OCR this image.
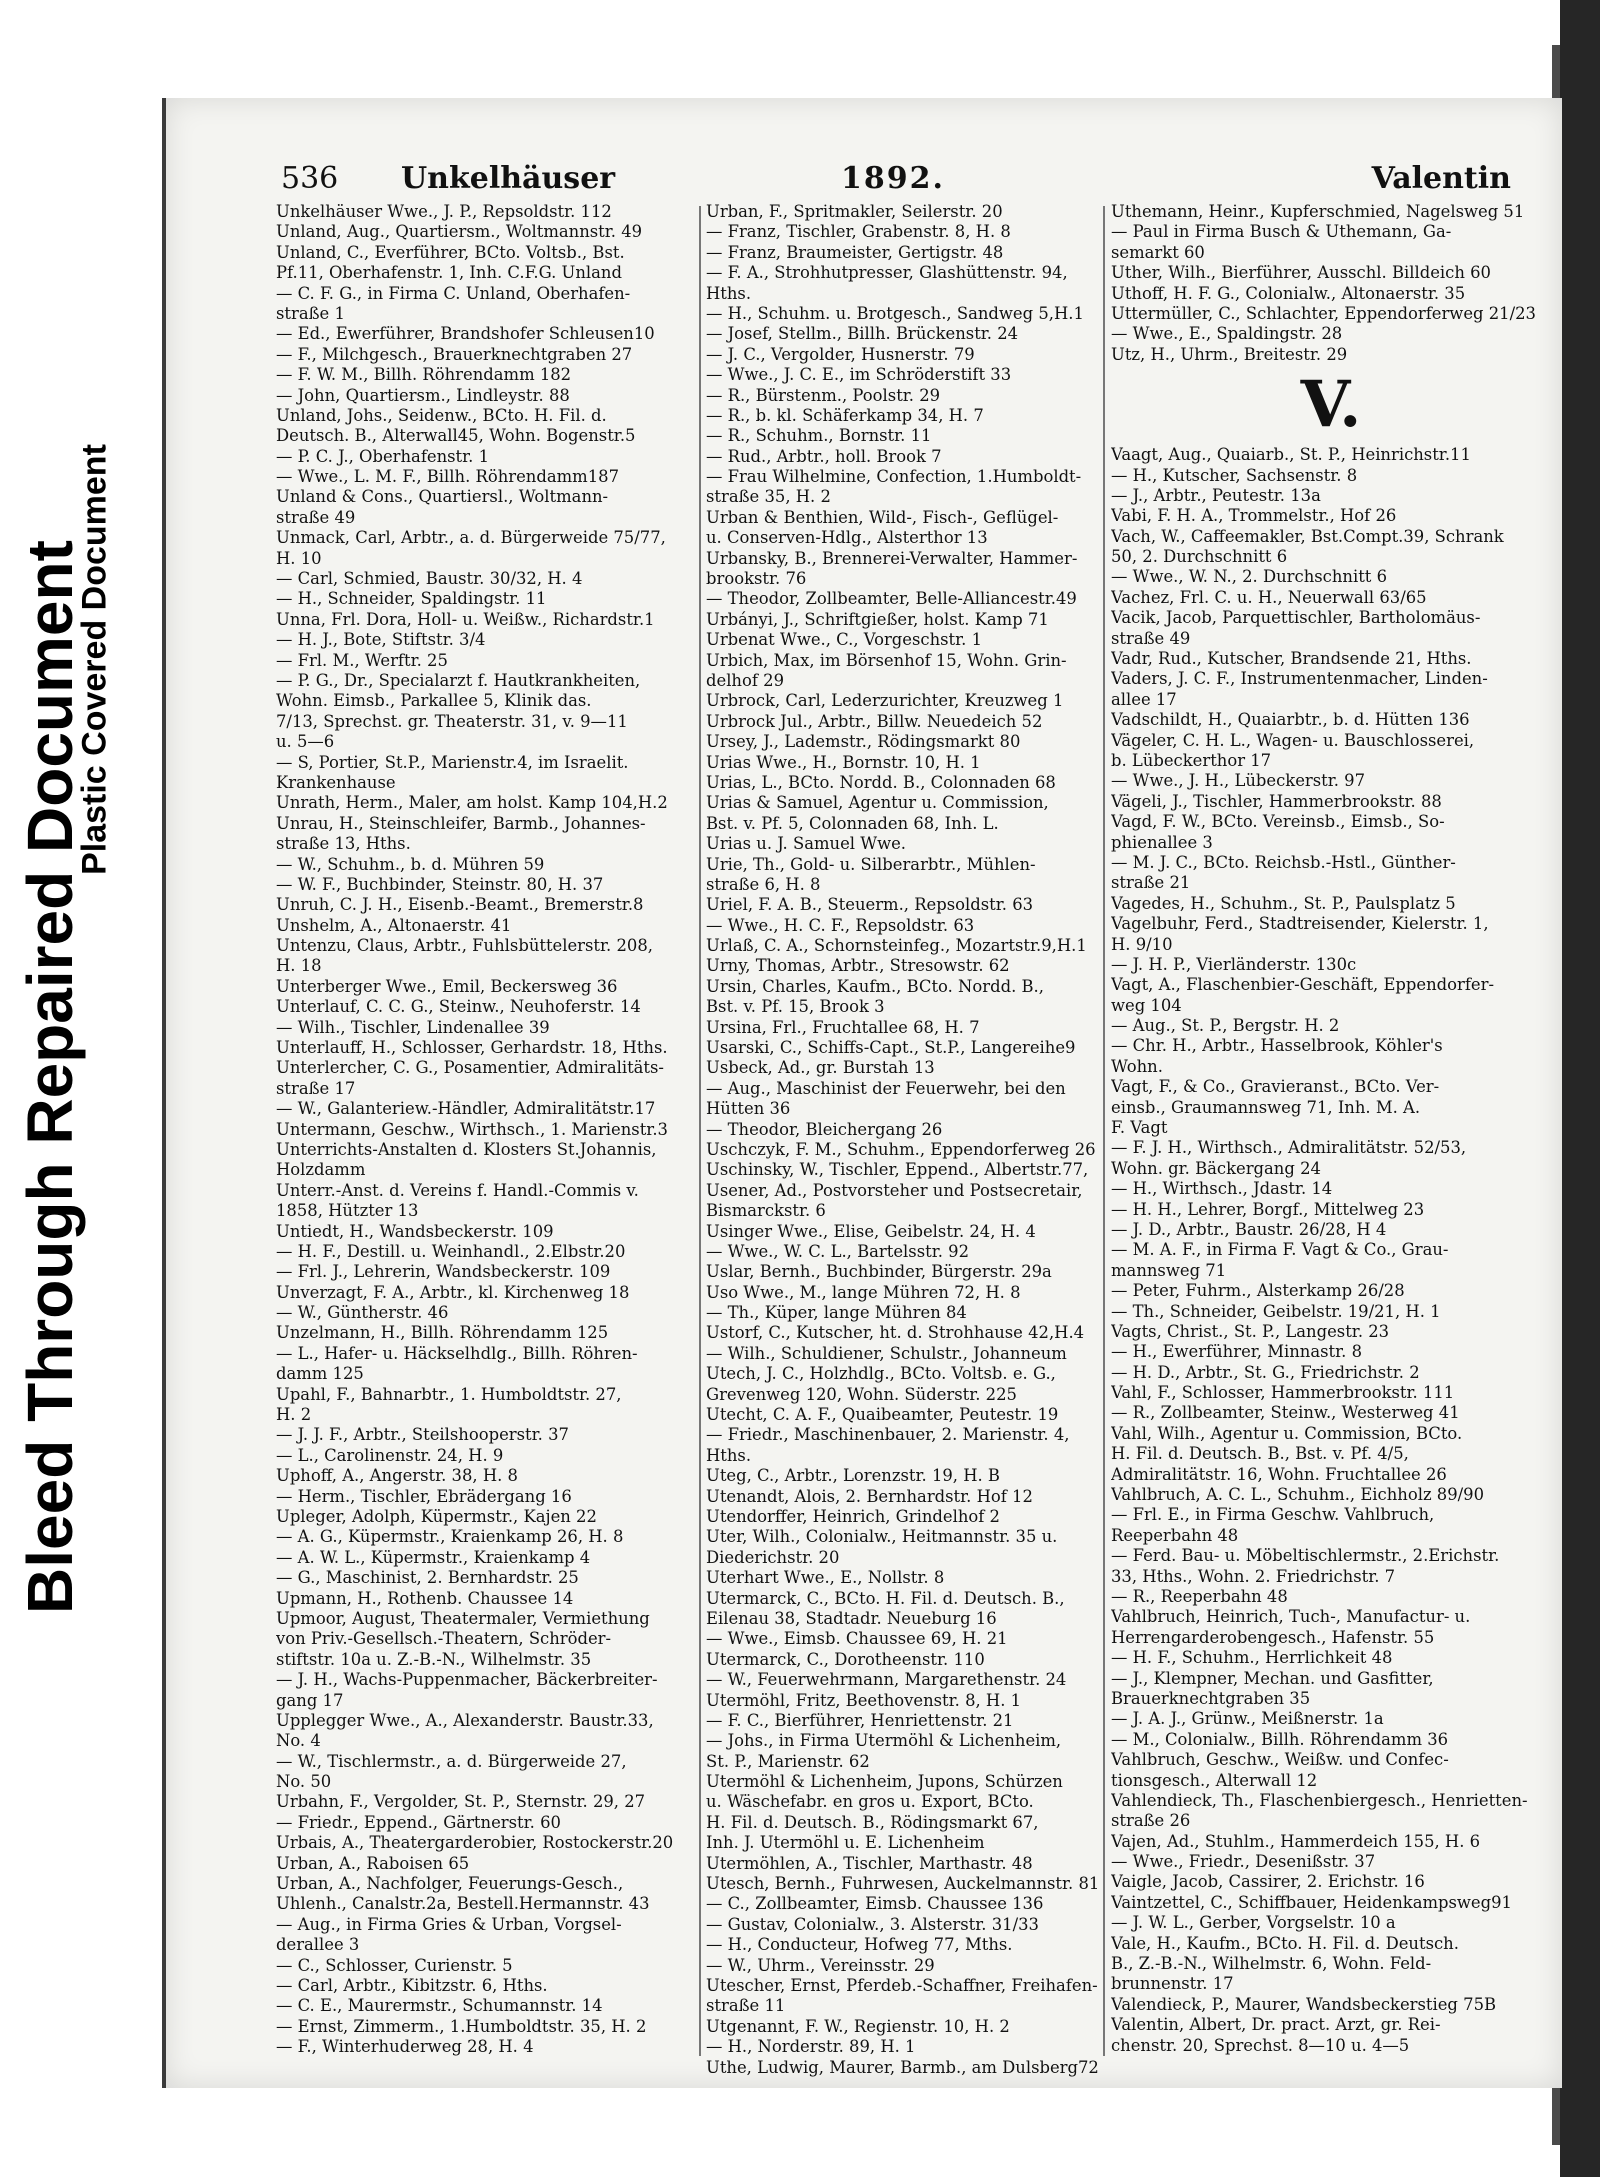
Bleed Through Repaired Document
Plastic Covered Document
536 Unkelhäuser	1892.	Valentin
Unkelhäuser Wwe., J. P., Repsoldstr. 112
Unland, Aug., Quartiersm., Woltmannstr. 49
Unland, C., Everführer, BCto. Voltsb., Bst.
Pf.11, Oberhafenstr. 1, Inh. C.F.G. Unland
— C. F. G., in Firma C. Unland, Oberhafen-
straße 1
— Ed., Ewerführer, Brandshofer Schleusen10
— F., Milchgesch., Brauerknechtgraben 27
— F. W. M., Billh. Röhrendamm 182
— John, Quartiersm., Lindleystr. 88
Unland, Johs., Seidenw., BCto. H. Fil. d.
Deutsch. B., Alterwall45, Wohn. Bogenstr.5
— P. C. J., Oberhafenstr. 1
— Wwe., L. M. F., Billh. Röhrendamm187
Unland & Cons., Quartiersl., Woltmann-
straße 49
Unmack, Carl, Arbtr., a. d. Bürgerweide 75/77,
H. 10
— Carl, Schmied, Baustr. 30/32, H. 4
— H., Schneider, Spaldingstr. 11
Unna, Frl. Dora, Holl- u. Weißw., Richardstr.1
— H. J., Bote, Stiftstr. 3/4
— Frl. M., Werftr. 25
— P. G., Dr., Specialarzt f. Hautkrankheiten,
Wohn. Eimsb., Parkallee 5, Klinik das.
7/13, Sprechst. gr. Theaterstr. 31, v. 9—11
u. 5—6
— S, Portier, St.P., Marienstr.4, im Israelit.
Krankenhause
Unrath, Herm., Maler, am holst. Kamp 104,H.2
Unrau, H., Steinschleifer, Barmb., Johannes-
straße 13, Hths.
— W., Schuhm., b. d. Mühren 59
— W. F., Buchbinder, Steinstr. 80, H. 37
Unruh, C. J. H., Eisenb.-Beamt., Bremerstr.8
Unshelm, A., Altonaerstr. 41
Untenzu, Claus, Arbtr., Fuhlsbüttelerstr. 208,
H. 18
Unterberger Wwe., Emil, Beckersweg 36
Unterlauf, C. C. G., Steinw., Neuhoferstr. 14
— Wilh., Tischler, Lindenallee 39
Unterlauff, H., Schlosser, Gerhardstr. 18, Hths.
Unterlercher, C. G., Posamentier, Admiralitäts-
straße 17
— W., Galanteriew.-Händler, Admiralitätstr.17
Untermann, Geschw., Wirthsch., 1. Marienstr.3
Unterrichts-Anstalten d. Klosters St.Johannis,
Holzdamm
Unterr.-Anst. d. Vereins f. Handl.-Commis v.
1858, Hützter 13
Untiedt, H., Wandsbeckerstr. 109
— H. F., Destill. u. Weinhandl., 2.Elbstr.20
— Frl. J., Lehrerin, Wandsbeckerstr. 109
Unverzagt, F. A., Arbtr., kl. Kirchenweg 18
— W., Güntherstr. 46
Unzelmann, H., Billh. Röhrendamm 125
— L., Hafer- u. Häckselhdlg., Billh. Röhren-
damm 125
Upahl, F., Bahnarbtr., 1. Humboldtstr. 27,
H. 2
— J. J. F., Arbtr., Steilshooperstr. 37
— L., Carolinenstr. 24, H. 9
Uphoff, A., Angerstr. 38, H. 8
— Herm., Tischler, Ebrädergang 16
Upleger, Adolph, Küpermstr., Kajen 22
— A. G., Küpermstr., Kraienkamp 26, H. 8
— A. W. L., Küpermstr., Kraienkamp 4
— G., Maschinist, 2. Bernhardstr. 25
Upmann, H., Rothenb. Chaussee 14
Upmoor, August, Theatermaler, Vermiethung
von Priv.-Gesellsch.-Theatern, Schröder-
stiftstr. 10a u. Z.-B.-N., Wilhelmstr. 35
— J. H., Wachs-Puppenmacher, Bäckerbreiter-
gang 17
Upplegger Wwe., A., Alexanderstr. Baustr.33,
No. 4
— W., Tischlermstr., a. d. Bürgerweide 27,
No. 50
Urbahn, F., Vergolder, St. P., Sternstr. 29, 27
— Friedr., Eppend., Gärtnerstr. 60
Urbais, A., Theatergarderobier, Rostockerstr.20
Urban, A., Raboisen 65
Urban, A., Nachfolger, Feuerungs-Gesch.,
Uhlenh., Canalstr.2a, Bestell.Hermannstr. 43
— Aug., in Firma Gries & Urban, Vorgsel-
derallee 3
— C., Schlosser, Curienstr. 5
— Carl, Arbtr., Kibitzstr. 6, Hths.
— C. E., Maurermstr., Schumannstr. 14
— Ernst, Zimmerm., 1.Humboldtstr. 35, H. 2
— F., Winterhuderweg 28, H. 4
Urban, F., Spritmakler, Seilerstr. 20
— Franz, Tischler, Grabenstr. 8, H. 8
— Franz, Braumeister, Gertigstr. 48
— F. A., Strohhutpresser, Glashüttenstr. 94,
Hths.
— H., Schuhm. u. Brotgesch., Sandweg 5,H.1
— Josef, Stellm., Billh. Brückenstr. 24
— J. C., Vergolder, Husnerstr. 79
— Wwe., J. C. E., im Schröderstift 33
— R., Bürstenm., Poolstr. 29
— R., b. kl. Schäferkamp 34, H. 7
— R., Schuhm., Bornstr. 11
— Rud., Arbtr., holl. Brook 7
— Frau Wilhelmine, Confection, 1.Humboldt-
straße 35, H. 2
Urban & Benthien, Wild-, Fisch-, Geflügel-
u. Conserven-Hdlg., Alsterthor 13
Urbansky, B., Brennerei-Verwalter, Hammer-
brookstr. 76
— Theodor, Zollbeamter, Belle-Alliancestr.49
Urbányi, J., Schriftgießer, holst. Kamp 71
Urbenat Wwe., C., Vorgeschstr. 1
Urbich, Max, im Börsenhof 15, Wohn. Grin-
delhof 29
Urbrock, Carl, Lederzurichter, Kreuzweg 1
Urbrock Jul., Arbtr., Billw. Neuedeich 52
Ursey, J., Lademstr., Rödingsmarkt 80
Urias Wwe., H., Bornstr. 10, H. 1
Urias, L., BCto. Nordd. B., Colonnaden 68
Urias & Samuel, Agentur u. Commission,
Bst. v. Pf. 5, Colonnaden 68, Inh. L.
Urias u. J. Samuel Wwe.
Urie, Th., Gold- u. Silberarbtr., Mühlen-
straße 6, H. 8
Uriel, F. A. B., Steuerm., Repsoldstr. 63
— Wwe., H. C. F., Repsoldstr. 63
Urlaß, C. A., Schornsteinfeg., Mozartstr.9,H.1
Urny, Thomas, Arbtr., Stresowstr. 62
Ursin, Charles, Kaufm., BCto. Nordd. B.,
Bst. v. Pf. 15, Brook 3
Ursina, Frl., Fruchtallee 68, H. 7
Usarski, C., Schiffs-Capt., St.P., Langereihe9
Usbeck, Ad., gr. Burstah 13
— Aug., Maschinist der Feuerwehr, bei den
Hütten 36
— Theodor, Bleichergang 26
Uschczyk, F. M., Schuhm., Eppendorferweg 26
Uschinsky, W., Tischler, Eppend., Albertstr.77,
Usener, Ad., Postvorsteher und Postsecretair,
Bismarckstr. 6
Usinger Wwe., Elise, Geibelstr. 24, H. 4
— Wwe., W. C. L., Bartelsstr. 92
Uslar, Bernh., Buchbinder, Bürgerstr. 29a
Uso Wwe., M., lange Mühren 72, H. 8
— Th., Küper, lange Mühren 84
Ustorf, C., Kutscher, ht. d. Strohhause 42,H.4
— Wilh., Schuldiener, Schulstr., Johanneum
Utech, J. C., Holzhdlg., BCto. Voltsb. e. G.,
Grevenweg 120, Wohn. Süderstr. 225
Utecht, C. A. F., Quaibeamter, Peutestr. 19
— Friedr., Maschinenbauer, 2. Marienstr. 4,
Hths.
Uteg, C., Arbtr., Lorenzstr. 19, H. B
Utenandt, Alois, 2. Bernhardstr. Hof 12
Utendorffer, Heinrich, Grindelhof 2
Uter, Wilh., Colonialw., Heitmannstr. 35 u.
Diederichstr. 20
Uterhart Wwe., E., Nollstr. 8
Utermarck, C., BCto. H. Fil. d. Deutsch. B.,
Eilenau 38, Stadtadr. Neueburg 16
— Wwe., Eimsb. Chaussee 69, H. 21
Utermarck, C., Dorotheenstr. 110
— W., Feuerwehrmann, Margarethenstr. 24
Utermöhl, Fritz, Beethovenstr. 8, H. 1
— F. C., Bierführer, Henriettenstr. 21
— Johs., in Firma Utermöhl & Lichenheim,
St. P., Marienstr. 62
Utermöhl & Lichenheim, Jupons, Schürzen
u. Wäschefabr. en gros u. Export, BCto.
H. Fil. d. Deutsch. B., Rödingsmarkt 67,
Inh. J. Utermöhl u. E. Lichenheim
Utermöhlen, A., Tischler, Marthastr. 48
Utesch, Bernh., Fuhrwesen, Auckelmannstr. 81
— C., Zollbeamter, Eimsb. Chaussee 136
— Gustav, Colonialw., 3. Alsterstr. 31/33
— H., Conducteur, Hofweg 77, Mths.
— W., Uhrm., Vereinsstr. 29
Utescher, Ernst, Pferdeb.-Schaffner, Freihafen-
straße 11
Utgenannt, F. W., Regienstr. 10, H. 2
— H., Norderstr. 89, H. 1
Uthe, Ludwig, Maurer, Barmb., am Dulsberg72
Uthemann, Heinr., Kupferschmied, Nagelsweg 51
— Paul in Firma Busch & Uthemann, Ga-
semarkt 60
Uther, Wilh., Bierführer, Ausschl. Billdeich 60
Uthoff, H. F. G., Colonialw., Altonaerstr. 35
Uttermüller, C., Schlachter, Eppendorferweg 21/23
— Wwe., E., Spaldingstr. 28
Utz, H., Uhrm., Breitestr. 29
V.
Vaagt, Aug., Quaiarb., St. P., Heinrichstr.11
— H., Kutscher, Sachsenstr. 8
— J., Arbtr., Peutestr. 13a
Vabi, F. H. A., Trommelstr., Hof 26
Vach, W., Caffeemakler, Bst.Compt.39, Schrank
50, 2. Durchschnitt 6
— Wwe., W. N., 2. Durchschnitt 6
Vachez, Frl. C. u. H., Neuerwall 63/65
Vacik, Jacob, Parquettischler, Bartholomäus-
straße 49
Vadr, Rud., Kutscher, Brandsende 21, Hths.
Vaders, J. C. F., Instrumentenmacher, Linden-
allee 17
Vadschildt, H., Quaiarbtr., b. d. Hütten 136
Vägeler, C. H. L., Wagen- u. Bauschlosserei,
b. Lübeckerthor 17
— Wwe., J. H., Lübeckerstr. 97
Vägeli, J., Tischler, Hammerbrookstr. 88
Vagd, F. W., BCto. Vereinsb., Eimsb., So-
phienallee 3
— M. J. C., BCto. Reichsb.-Hstl., Günther-
straße 21
Vagedes, H., Schuhm., St. P., Paulsplatz 5
Vagelbuhr, Ferd., Stadtreisender, Kielerstr. 1,
H. 9/10
— J. H. P., Vierländerstr. 130c
Vagt, A., Flaschenbier-Geschäft, Eppendorfer-
weg 104
— Aug., St. P., Bergstr. H. 2
— Chr. H., Arbtr., Hasselbrook, Köhler's
Wohn.
Vagt, F., & Co., Gravieranst., BCto. Ver-
einsb., Graumannsweg 71, Inh. M. A.
F. Vagt
— F. J. H., Wirthsch., Admiralitätstr. 52/53,
Wohn. gr. Bäckergang 24
— H., Wirthsch., Jdastr. 14
— H. H., Lehrer, Borgf., Mittelweg 23
— J. D., Arbtr., Baustr. 26/28, H 4
— M. A. F., in Firma F. Vagt & Co., Grau-
mannsweg 71
— Peter, Fuhrm., Alsterkamp 26/28
— Th., Schneider, Geibelstr. 19/21, H. 1
Vagts, Christ., St. P., Langestr. 23
— H., Ewerführer, Minnastr. 8
— H. D., Arbtr., St. G., Friedrichstr. 2
Vahl, F., Schlosser, Hammerbrookstr. 111
— R., Zollbeamter, Steinw., Westerweg 41
Vahl, Wilh., Agentur u. Commission, BCto.
H. Fil. d. Deutsch. B., Bst. v. Pf. 4/5,
Admiralitätstr. 16, Wohn. Fruchtallee 26
Vahlbruch, A. C. L., Schuhm., Eichholz 89/90
— Frl. E., in Firma Geschw. Vahlbruch,
Reeperbahn 48
— Ferd. Bau- u. Möbeltischlermstr., 2.Erichstr.
33, Hths., Wohn. 2. Friedrichstr. 7
— R., Reeperbahn 48
Vahlbruch, Heinrich, Tuch-, Manufactur- u.
Herrengarderobengesch., Hafenstr. 55
— H. F., Schuhm., Herrlichkeit 48
— J., Klempner, Mechan. und Gasfitter,
Brauerknechtgraben 35
— J. A. J., Grünw., Meißnerstr. 1a
— M., Colonialw., Billh. Röhrendamm 36
Vahlbruch, Geschw., Weißw. und Confec-
tionsgesch., Alterwall 12
Vahlendieck, Th., Flaschenbiergesch., Henrietten-
straße 26
Vajen, Ad., Stuhlm., Hammerdeich 155, H. 6
— Wwe., Friedr., Desenißstr. 37
Vaigle, Jacob, Cassirer, 2. Erichstr. 16
Vaintzettel, C., Schiffbauer, Heidenkampsweg91
— J. W. L., Gerber, Vorgselstr. 10 a
Vale, H., Kaufm., BCto. H. Fil. d. Deutsch.
B., Z.-B.-N., Wilhelmstr. 6, Wohn. Feld-
brunnenstr. 17
Valendieck, P., Maurer, Wandsbeckerstieg 75B
Valentin, Albert, Dr. pract. Arzt, gr. Rei-
chenstr. 20, Sprechst. 8—10 u. 4—5
